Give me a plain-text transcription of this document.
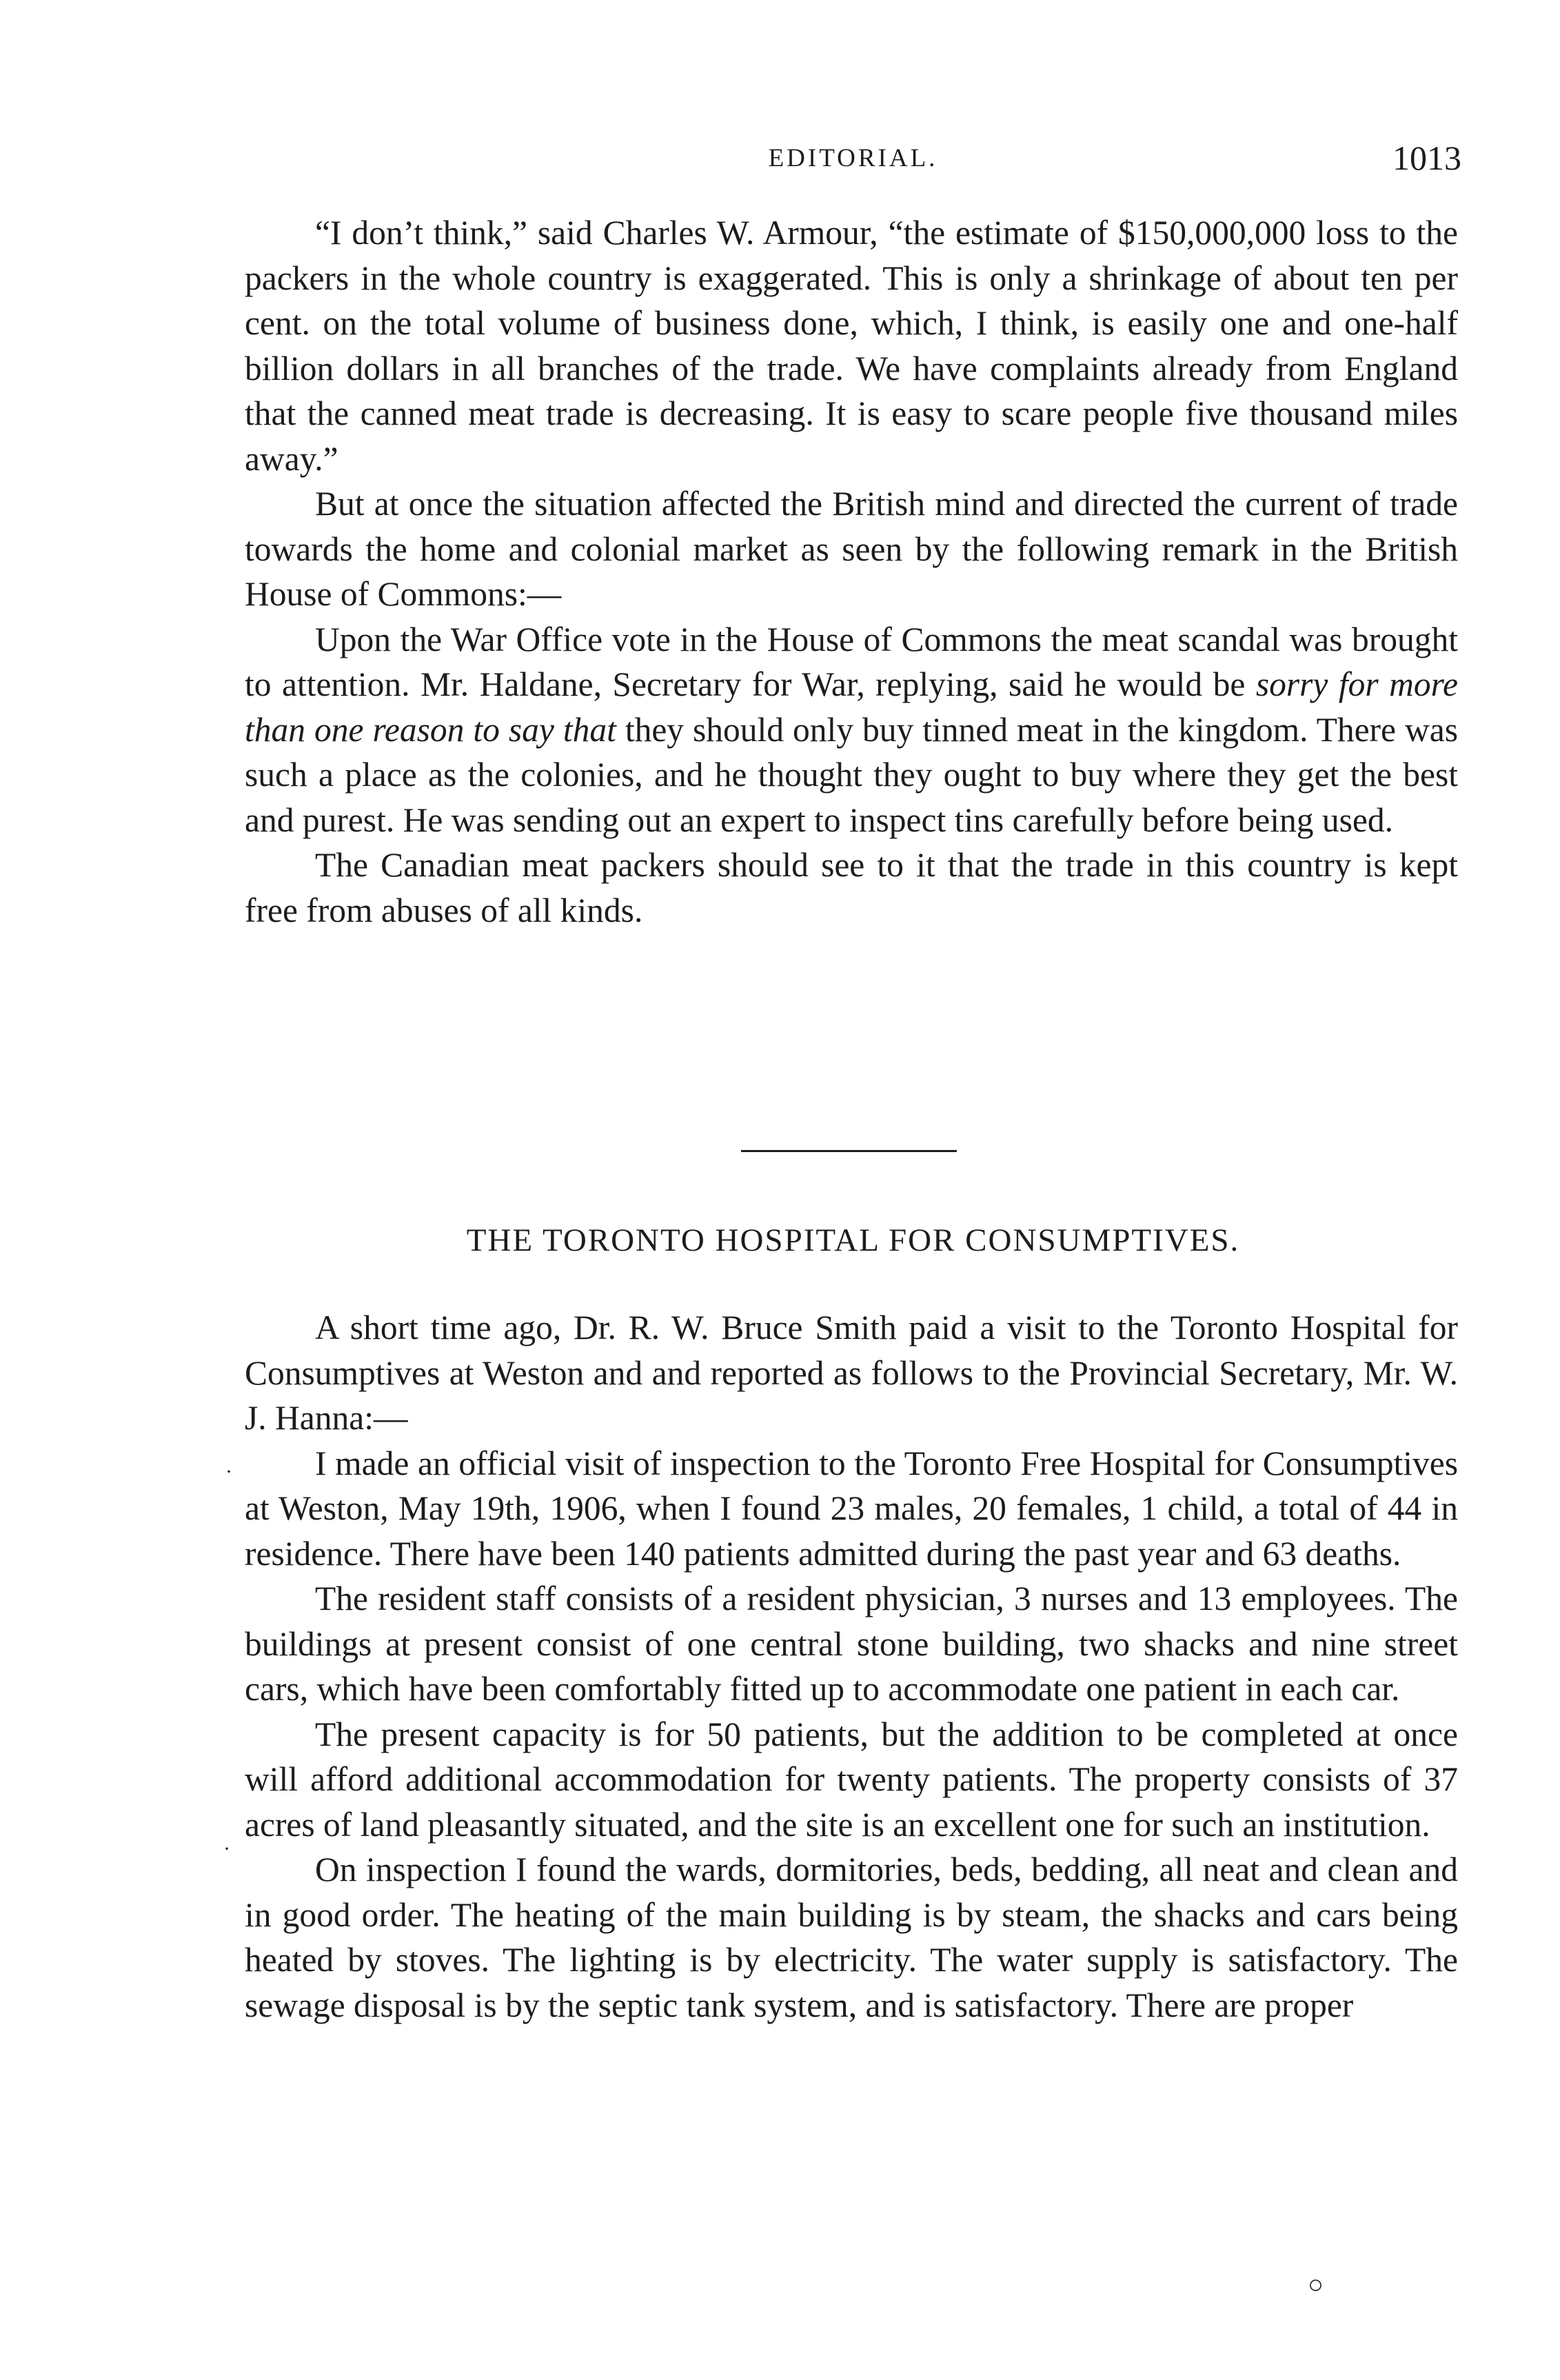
EDITORIAL.	1013

“I don’t think,” said Charles W. Armour, “the estimate of $150,000,000 loss to the packers in the whole country is exaggerated. This is only a shrinkage of about ten per cent. on the total volume of business done, which, I think, is easily one and one-half billion dollars in all branches of the trade. We have complaints already from England that the canned meat trade is decreasing. It is easy to scare people five thousand miles away.”

But at once the situation affected the British mind and directed the current of trade towards the home and colonial market as seen by the following remark in the British House of Commons:—

Upon the War Office vote in the House of Commons the meat scandal was brought to attention. Mr. Haldane, Secretary for War, replying, said he would be sorry for more than one reason to say that they should only buy tinned meat in the kingdom. There was such a place as the colonies, and he thought they ought to buy where they get the best and purest. He was sending out an expert to inspect tins carefully before being used.

The Canadian meat packers should see to it that the trade in this country is kept free from abuses of all kinds.

THE TORONTO HOSPITAL FOR CONSUMPTIVES.

A short time ago, Dr. R. W. Bruce Smith paid a visit to the Toronto Hospital for Consumptives at Weston and and reported as follows to the Provincial Secretary, Mr. W. J. Hanna:—

I made an official visit of inspection to the Toronto Free Hospital for Consumptives at Weston, May 19th, 1906, when I found 23 males, 20 females, 1 child, a total of 44 in residence. There have been 140 patients admitted during the past year and 63 deaths.

The resident staff consists of a resident physician, 3 nurses and 13 employees. The buildings at present consist of one central stone building, two shacks and nine street cars, which have been comfortably fitted up to accommodate one patient in each car.

The present capacity is for 50 patients, but the addition to be completed at once will afford additional accommodation for twenty patients. The property consists of 37 acres of land pleasantly situated, and the site is an excellent one for such an institution.

On inspection I found the wards, dormitories, beds, bedding, all neat and clean and in good order. The heating of the main building is by steam, the shacks and cars being heated by stoves. The lighting is by electricity. The water supply is satisfactory. The sewage disposal is by the septic tank system, and is satisfactory. There are proper

·
·
○
